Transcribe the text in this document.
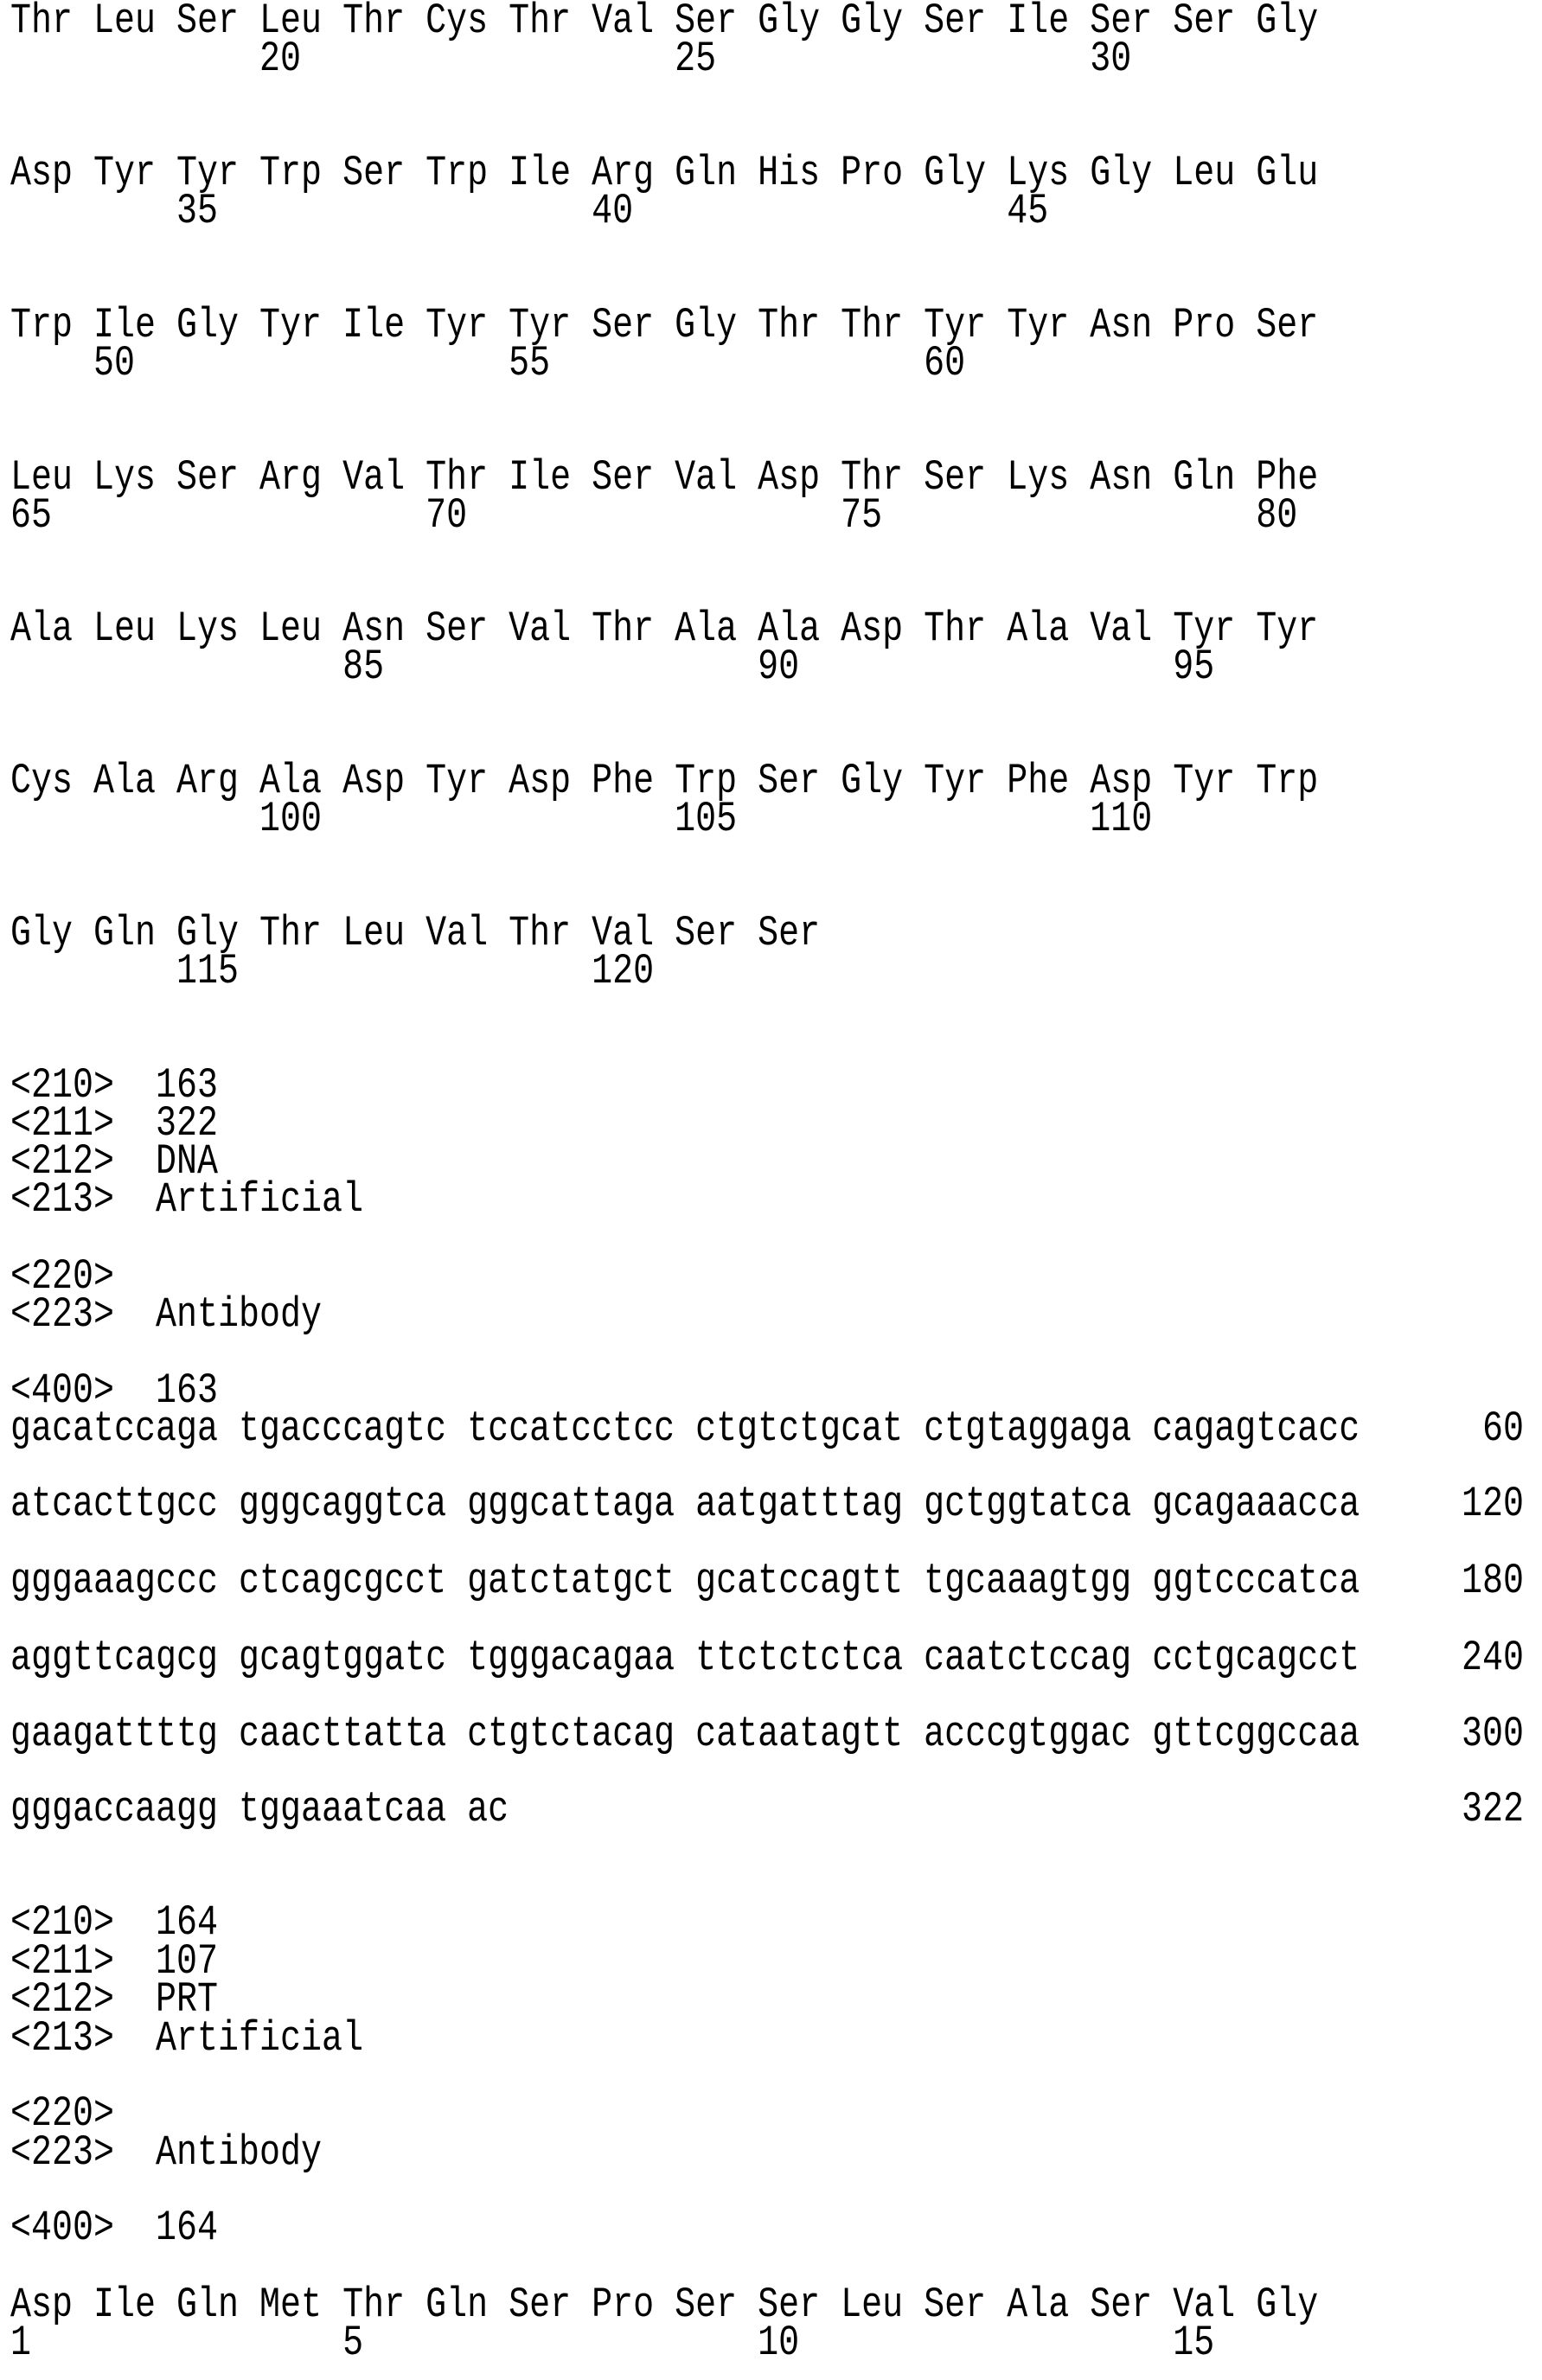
Thr Leu Ser Leu Thr Cys Thr Val Ser Gly Gly Ser Ile Ser Ser Gly
20                  25                  30
Asp Tyr Tyr Trp Ser Trp Ile Arg Gln His Pro Gly Lys Gly Leu Glu
35                  40                  45
Trp Ile Gly Tyr Ile Tyr Tyr Ser Gly Thr Thr Tyr Tyr Asn Pro Ser
50                  55                  60
Leu Lys Ser Arg Val Thr Ile Ser Val Asp Thr Ser Lys Asn Gln Phe
65                  70                  75                  80
Ala Leu Lys Leu Asn Ser Val Thr Ala Ala Asp Thr Ala Val Tyr Tyr
85                  90                  95
Cys Ala Arg Ala Asp Tyr Asp Phe Trp Ser Gly Tyr Phe Asp Tyr Trp
100                 105                 110
Gly Gln Gly Thr Leu Val Thr Val Ser Ser
115                 120
<210>  163
<211>  322
<212>  DNA
<213>  Artificial
<220>
<223>  Antibody
<400>  163
gacatccaga tgacccagtc tccatcctcc ctgtctgcat ctgtaggaga cagagtcacc	60
atcacttgcc gggcaggtca gggcattaga aatgatttag gctggtatca gcagaaacca	120
gggaaagccc ctcagcgcct gatctatgct gcatccagtt tgcaaagtgg ggtcccatca	180
aggttcagcg gcagtggatc tgggacagaa ttctctctca caatctccag cctgcagcct	240
gaagattttg caacttatta ctgtctacag cataatagtt acccgtggac gttcggccaa	300
gggaccaagg tggaaatcaa ac	322
<210>  164
<211>  107
<212>  PRT
<213>  Artificial
<220>
<223>  Antibody
<400>  164
Asp Ile Gln Met Thr Gln Ser Pro Ser Ser Leu Ser Ala Ser Val Gly
1               5                   10                  15
